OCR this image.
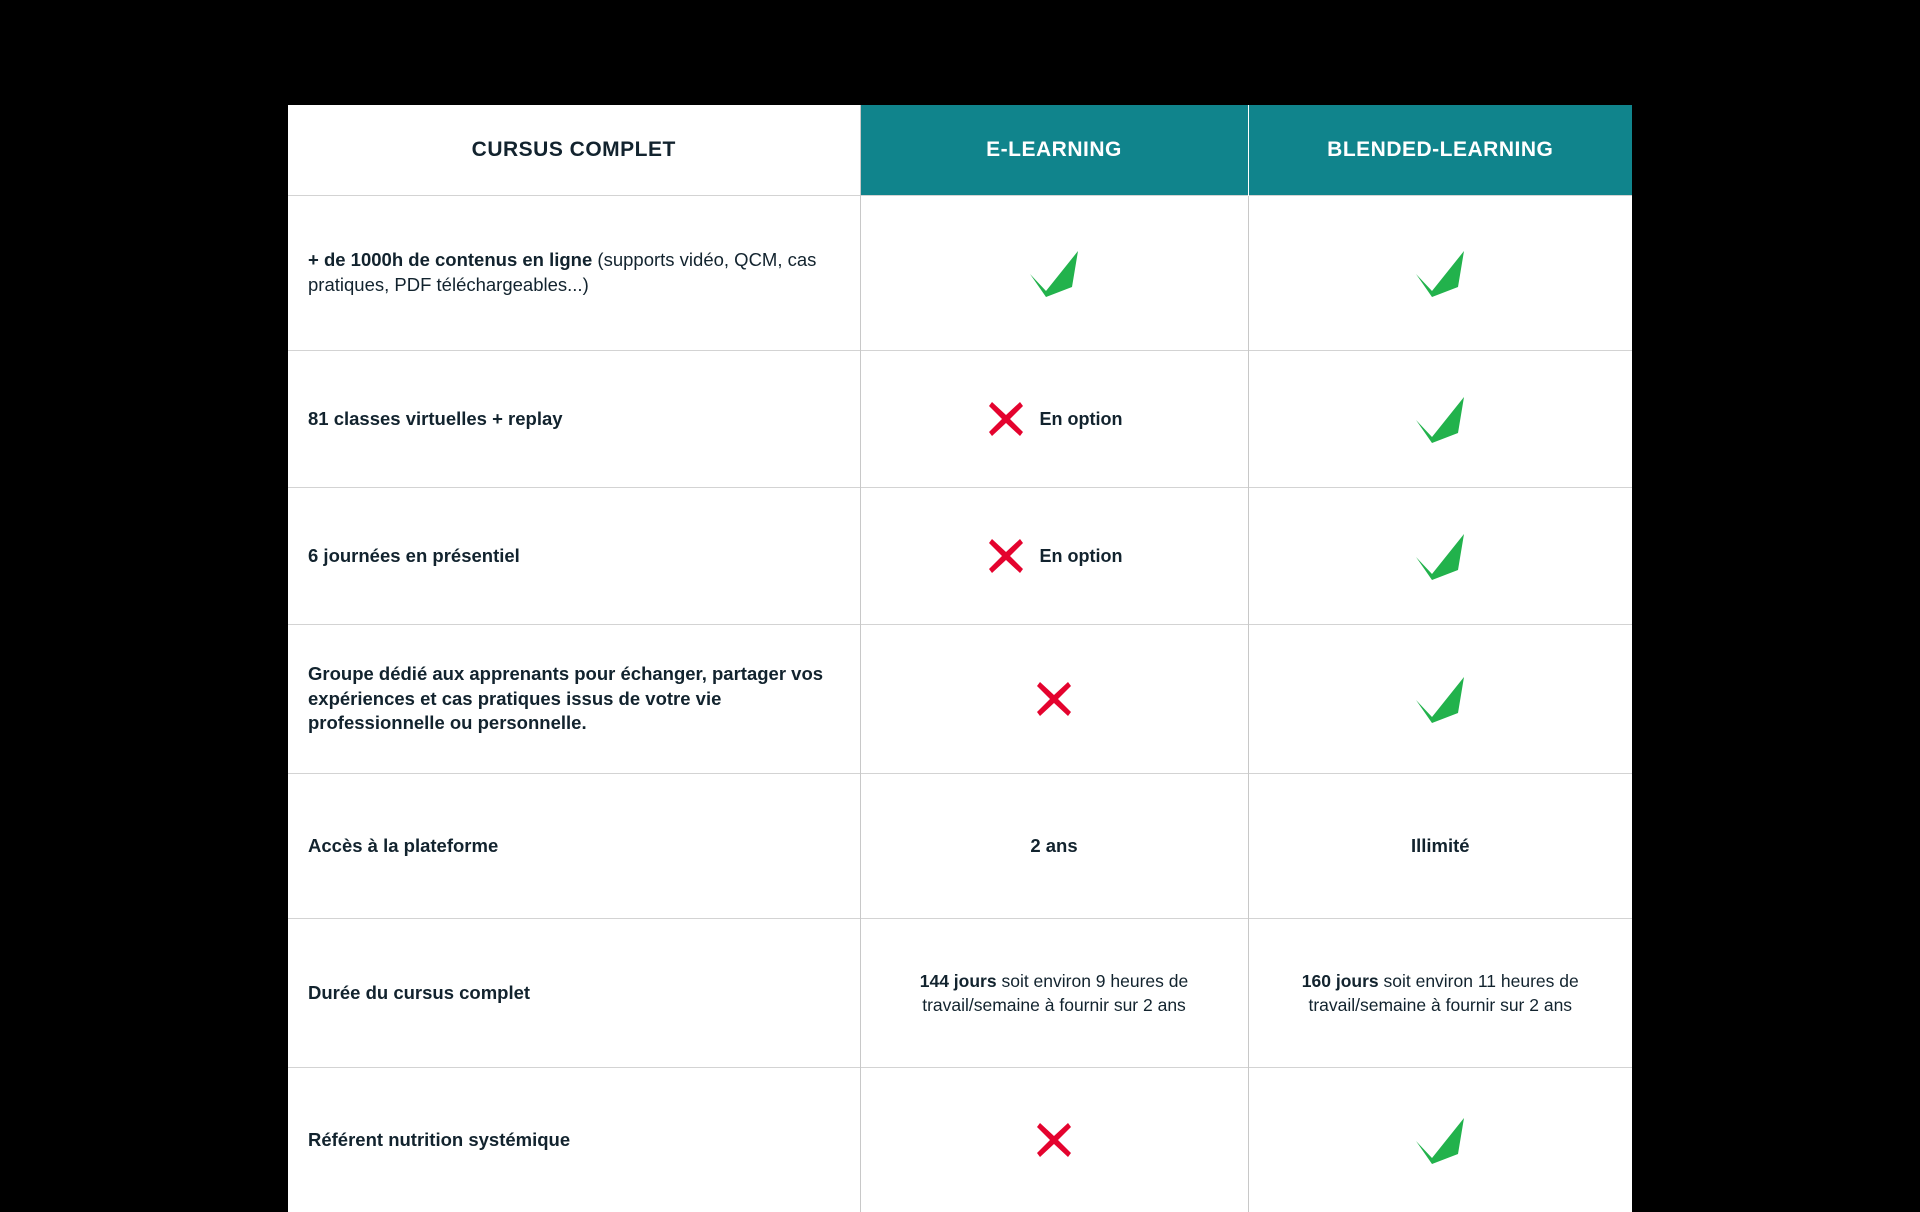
CURSUS COMPLET	E-LEARNING	BLENDED-LEARNING
+ de 1000h de contenus en ligne (supports vidéo, QCM, cas pratiques, PDF téléchargeables...)	

81 classes virtuelles + replay	En option

6 journées en présentiel	En option

Groupe dédié aux apprenants pour échanger, partager vos expériences et cas pratiques issus de votre vie professionnelle ou personnelle.	

Accès à la plateforme	2 ans	Illimité
Durée du cursus complet	144 jours soit environ 9 heures de travail/semaine à fournir sur 2 ans	160 jours soit environ 11 heures de travail/semaine à fournir sur 2 ans

Référent nutrition systémique	
